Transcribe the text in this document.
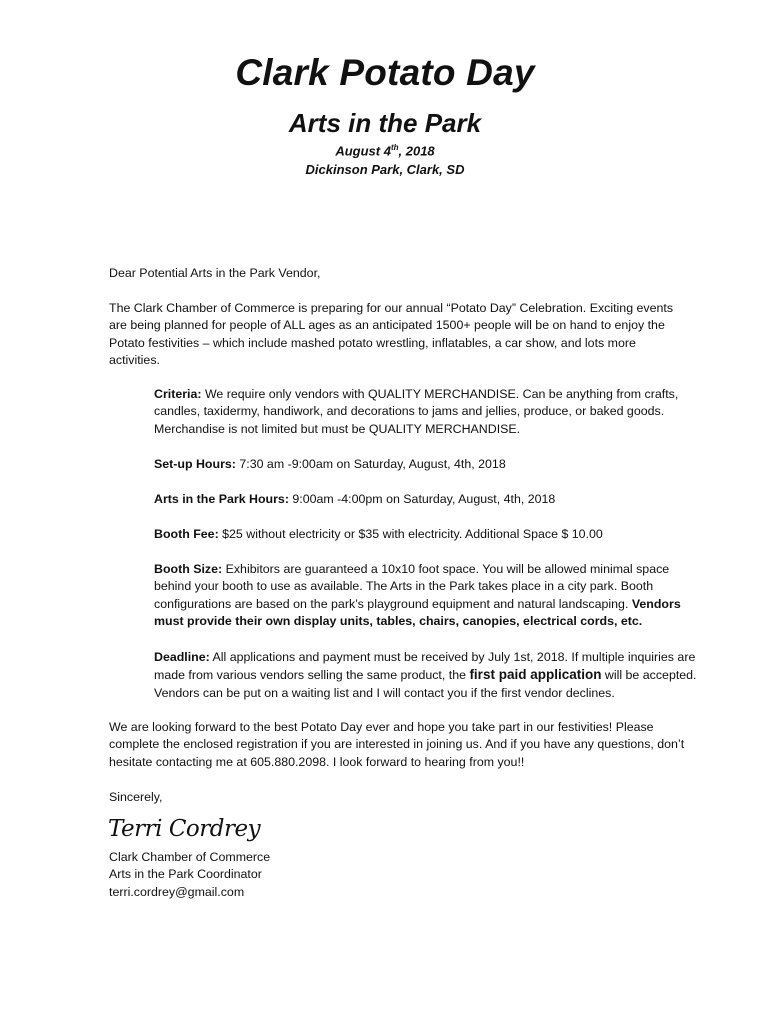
Clark Potato Day
Arts in the Park
August 4th, 2018
Dickinson Park, Clark, SD

Dear Potential Arts in the Park Vendor,

The Clark Chamber of Commerce is preparing for our annual “Potato Day” Celebration. Exciting events are being planned for people of ALL ages as an anticipated 1500+ people will be on hand to enjoy the Potato festivities – which include mashed potato wrestling, inflatables, a car show, and lots more activities.

Criteria: We require only vendors with QUALITY MERCHANDISE. Can be anything from crafts, candles, taxidermy, handiwork, and decorations to jams and jellies, produce, or baked goods. Merchandise is not limited but must be QUALITY MERCHANDISE.

Set-up Hours: 7:30 am -9:00am on Saturday, August, 4th, 2018

Arts in the Park Hours: 9:00am -4:00pm on Saturday, August, 4th, 2018

Booth Fee: $25 without electricity or $35 with electricity. Additional Space $ 10.00

Booth Size: Exhibitors are guaranteed a 10x10 foot space. You will be allowed minimal space behind your booth to use as available. The Arts in the Park takes place in a city park. Booth configurations are based on the park’s playground equipment and natural landscaping. Vendors must provide their own display units, tables, chairs, canopies, electrical cords, etc.

Deadline: All applications and payment must be received by July 1st, 2018. If multiple inquiries are made from various vendors selling the same product, the first paid application will be accepted. Vendors can be put on a waiting list and I will contact you if the first vendor declines.

We are looking forward to the best Potato Day ever and hope you take part in our festivities! Please complete the enclosed registration if you are interested in joining us. And if you have any questions, don’t hesitate contacting me at 605.880.2098. I look forward to hearing from you!!

Sincerely,

Terri Cordrey

Clark Chamber of Commerce

Arts in the Park Coordinator

terri.cordrey@gmail.com
